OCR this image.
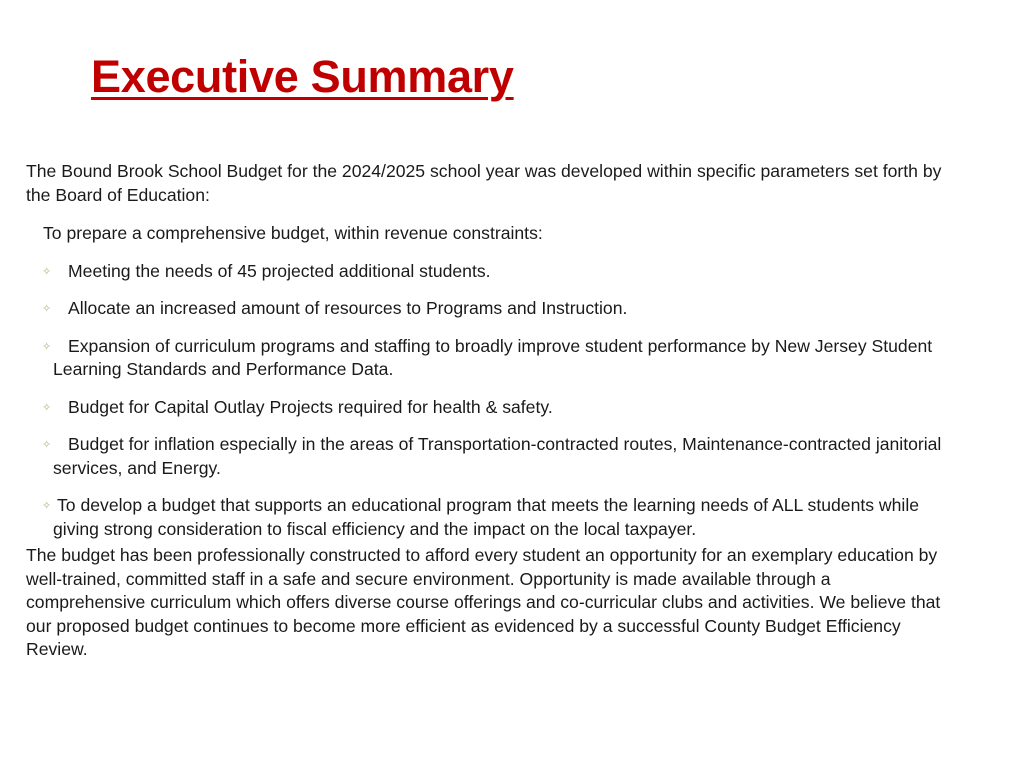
Executive Summary

The Bound Brook School Budget for the 2024/2025 school year was developed within specific parameters set forth by the Board of Education:

To prepare a comprehensive budget, within revenue constraints:

✧ Meeting the needs of 45 projected additional students.
✧ Allocate an increased amount of resources to Programs and Instruction.
✧ Expansion of curriculum programs and staffing to broadly improve student performance by New Jersey Student Learning Standards and Performance Data.
✧ Budget for Capital Outlay Projects required for health & safety.
✧ Budget for inflation especially in the areas of Transportation-contracted routes, Maintenance-contracted janitorial services, and Energy.
✧ To develop a budget that supports an educational program that meets the learning needs of ALL students while giving strong consideration to fiscal efficiency and the impact on the local taxpayer.

The budget has been professionally constructed to afford every student an opportunity for an exemplary education by well-trained, committed staff in a safe and secure environment. Opportunity is made available through a comprehensive curriculum which offers diverse course offerings and co-curricular clubs and activities. We believe that our proposed budget continues to become more efficient as evidenced by a successful County Budget Efficiency Review.
